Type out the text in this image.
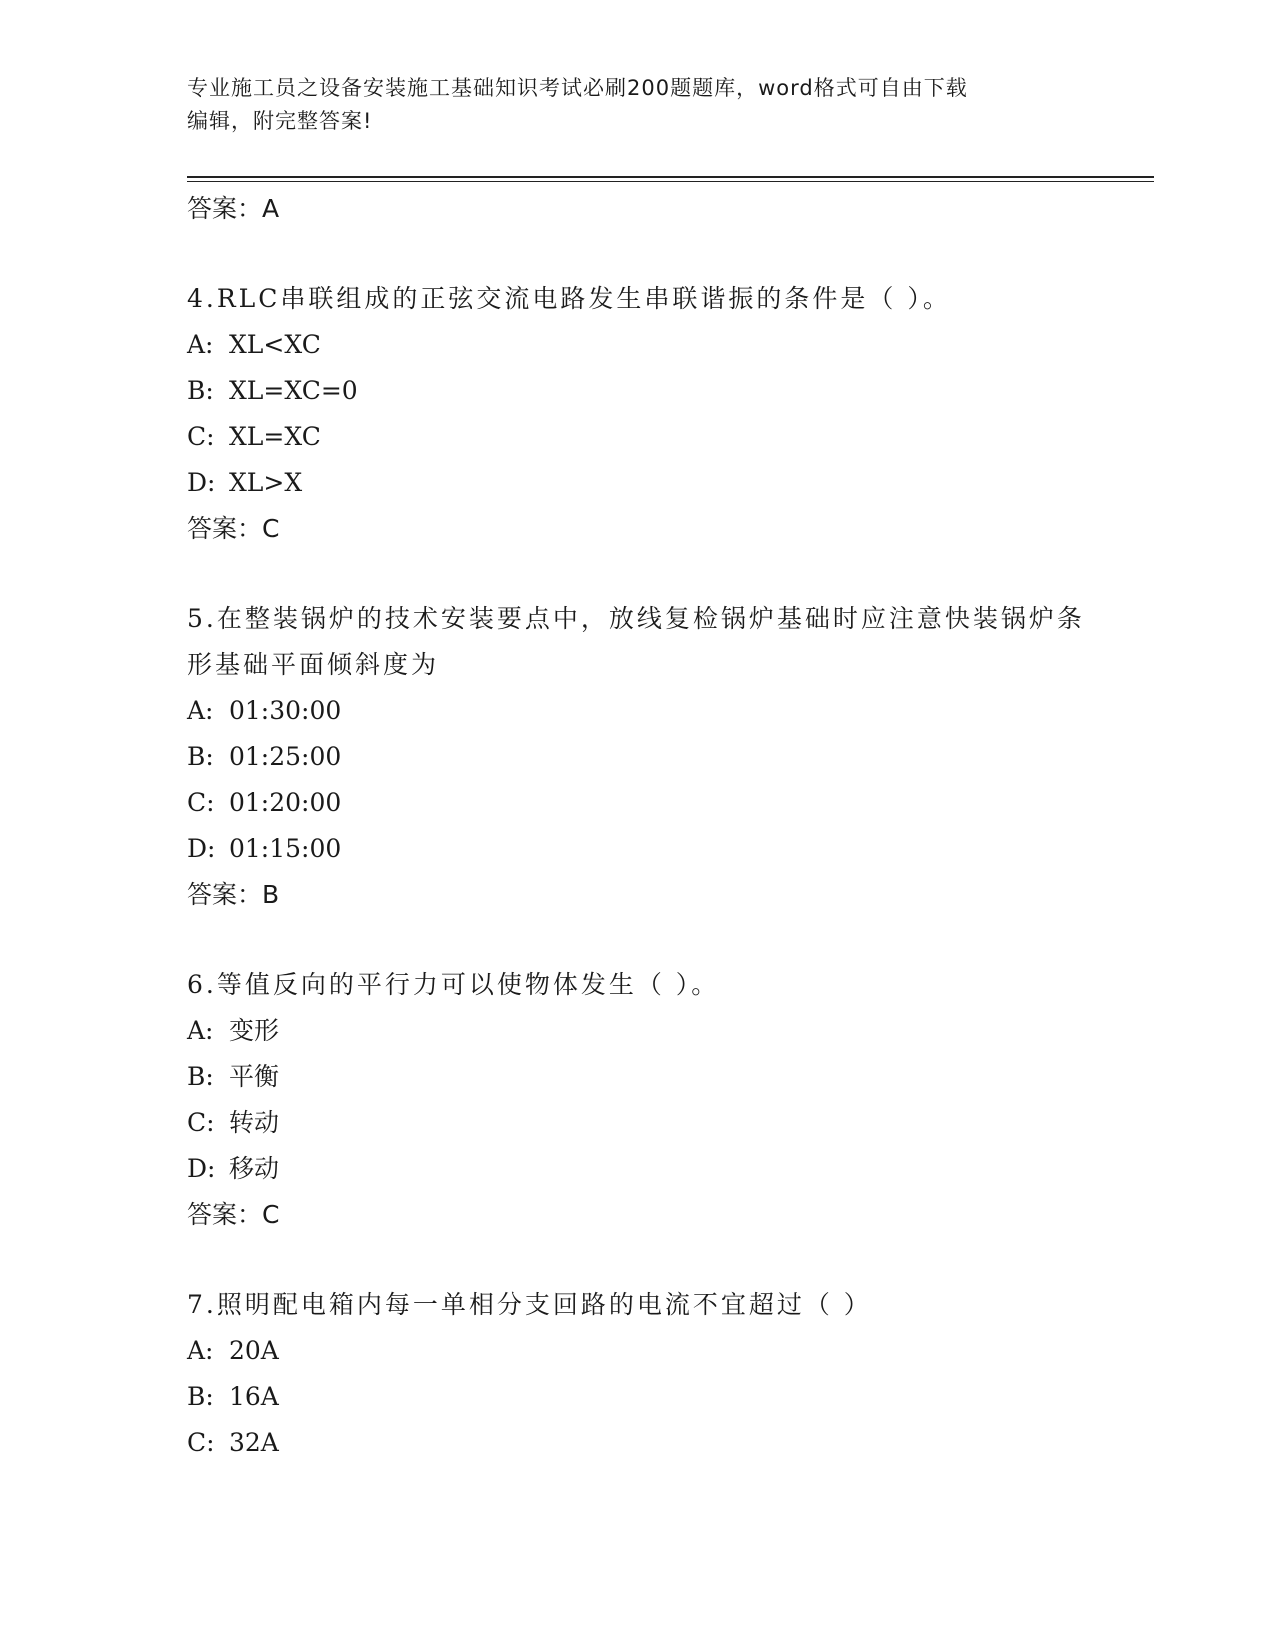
专业施工员之设备安装施工基础知识考试必刷200题题库，word格式可自由下载
编辑，附完整答案!
答案：A
4.RLC串联组成的正弦交流电路发生串联谐振的条件是（ ）。
A: XL<XC
B: XL=XC=0
C: XL=XC
D: XL>X
答案：C
5.在整装锅炉的技术安装要点中，放线复检锅炉基础时应注意快装锅炉条形基础平面倾斜度为
A: 01:30:00
B: 01:25:00
C: 01:20:00
D: 01:15:00
答案：B
6.等值反向的平行力可以使物体发生（ ）。
A: 变形
B: 平衡
C: 转动
D: 移动
答案：C
7.照明配电箱内每一单相分支回路的电流不宜超过（ ）
A: 20A
B: 16A
C: 32A
